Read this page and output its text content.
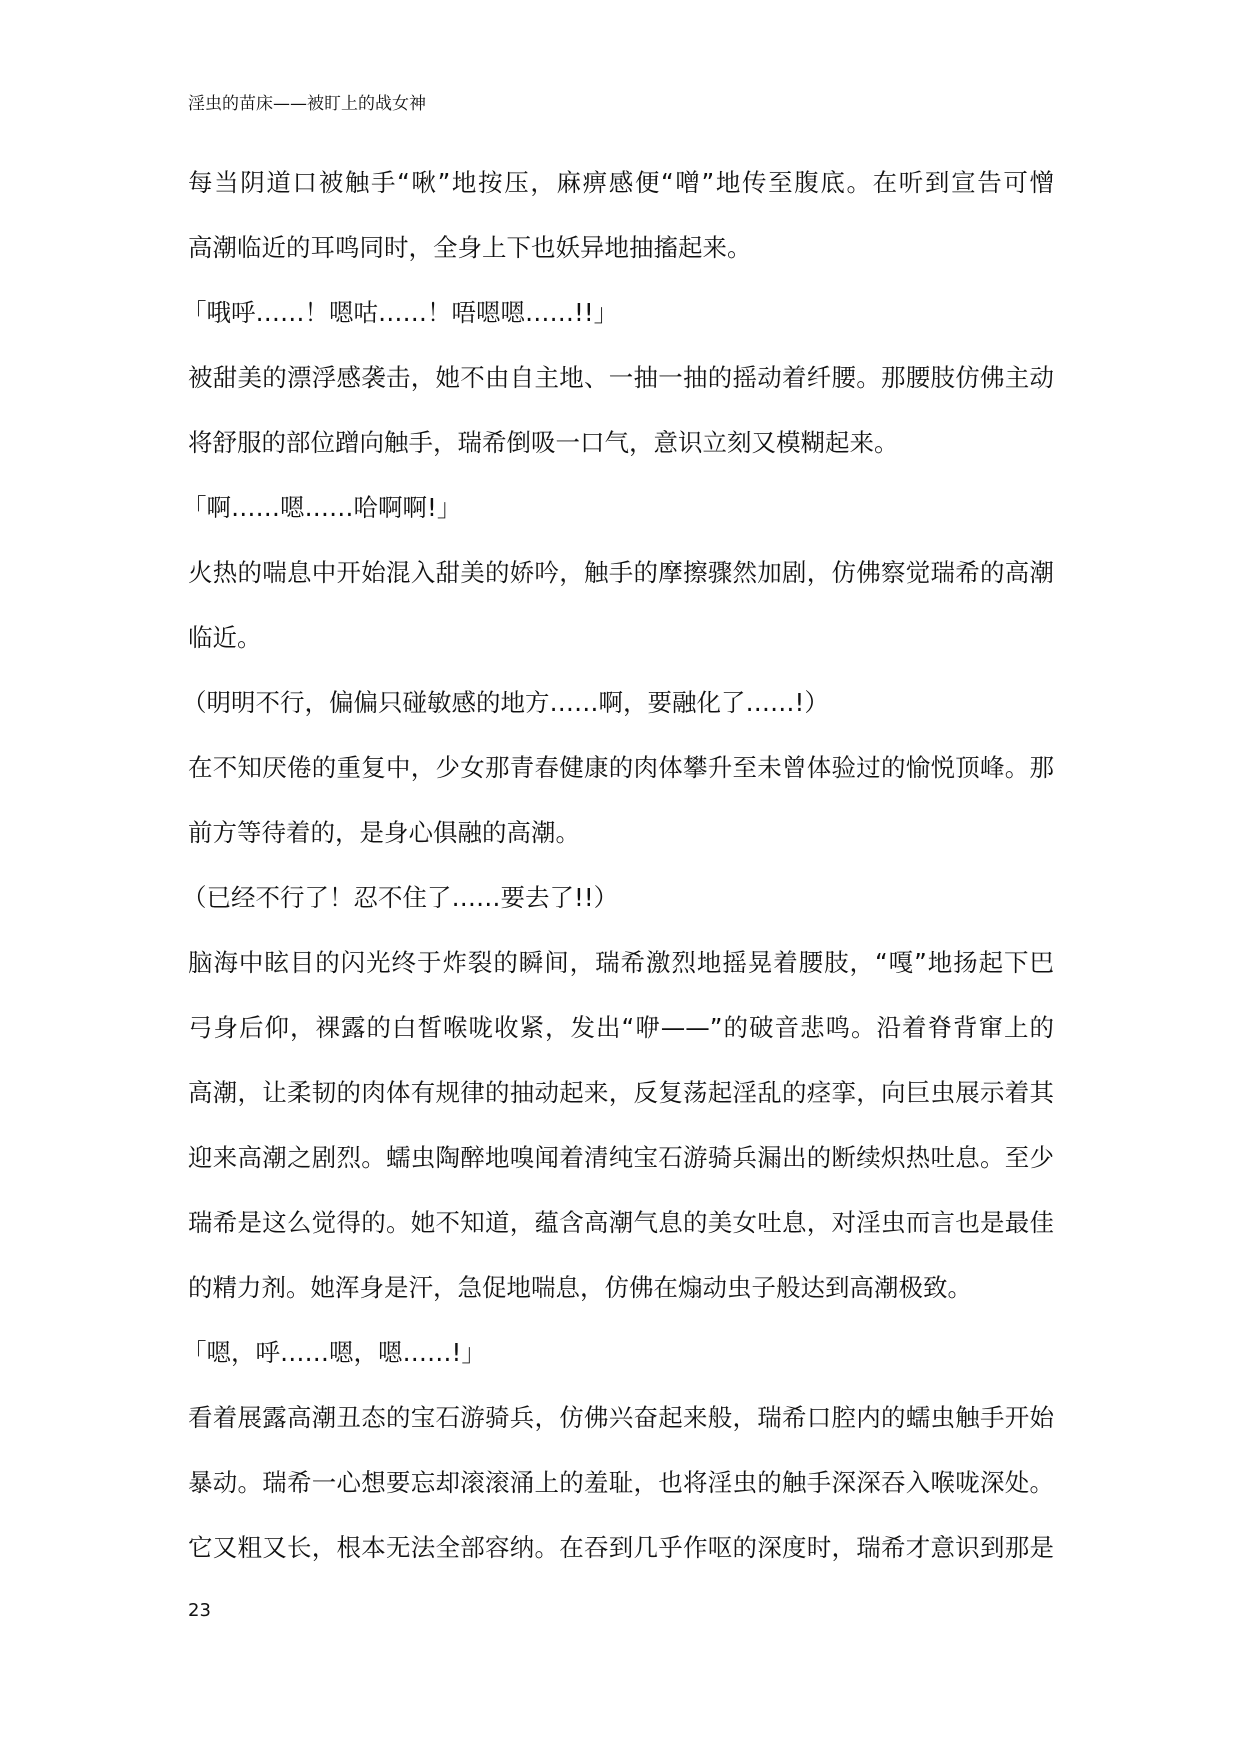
淫虫的苗床——被盯上的战女神
每当阴道口被触手“啾”地按压，麻痹感便“噌”地传至腹底。在听到宣告可憎
高潮临近的耳鸣同时，全身上下也妖异地抽搐起来。
「哦呼……！嗯咕……！唔嗯嗯……!!」
被甜美的漂浮感袭击，她不由自主地、一抽一抽的摇动着纤腰。那腰肢仿佛主动
将舒服的部位蹭向触手，瑞希倒吸一口气，意识立刻又模糊起来。
「啊……嗯……哈啊啊!」
火热的喘息中开始混入甜美的娇吟，触手的摩擦骤然加剧，仿佛察觉瑞希的高潮
临近。
（明明不行，偏偏只碰敏感的地方……啊，要融化了……!）
在不知厌倦的重复中，少女那青春健康的肉体攀升至未曾体验过的愉悦顶峰。那
前方等待着的，是身心俱融的高潮。
（已经不行了！忍不住了……要去了!!）
脑海中眩目的闪光终于炸裂的瞬间，瑞希激烈地摇晃着腰肢，“嘎”地扬起下巴
弓身后仰，裸露的白皙喉咙收紧，发出“咿——”的破音悲鸣。沿着脊背窜上的
高潮，让柔韧的肉体有规律的抽动起来，反复荡起淫乱的痉挛，向巨虫展示着其
迎来高潮之剧烈。蠕虫陶醉地嗅闻着清纯宝石游骑兵漏出的断续炽热吐息。至少
瑞希是这么觉得的。她不知道，蕴含高潮气息的美女吐息，对淫虫而言也是最佳
的精力剂。她浑身是汗，急促地喘息，仿佛在煽动虫子般达到高潮极致。
「嗯，呼……嗯，嗯……!」
看着展露高潮丑态的宝石游骑兵，仿佛兴奋起来般，瑞希口腔内的蠕虫触手开始
暴动。瑞希一心想要忘却滚滚涌上的羞耻，也将淫虫的触手深深吞入喉咙深处。
它又粗又长，根本无法全部容纳。在吞到几乎作呕的深度时，瑞希才意识到那是
23
